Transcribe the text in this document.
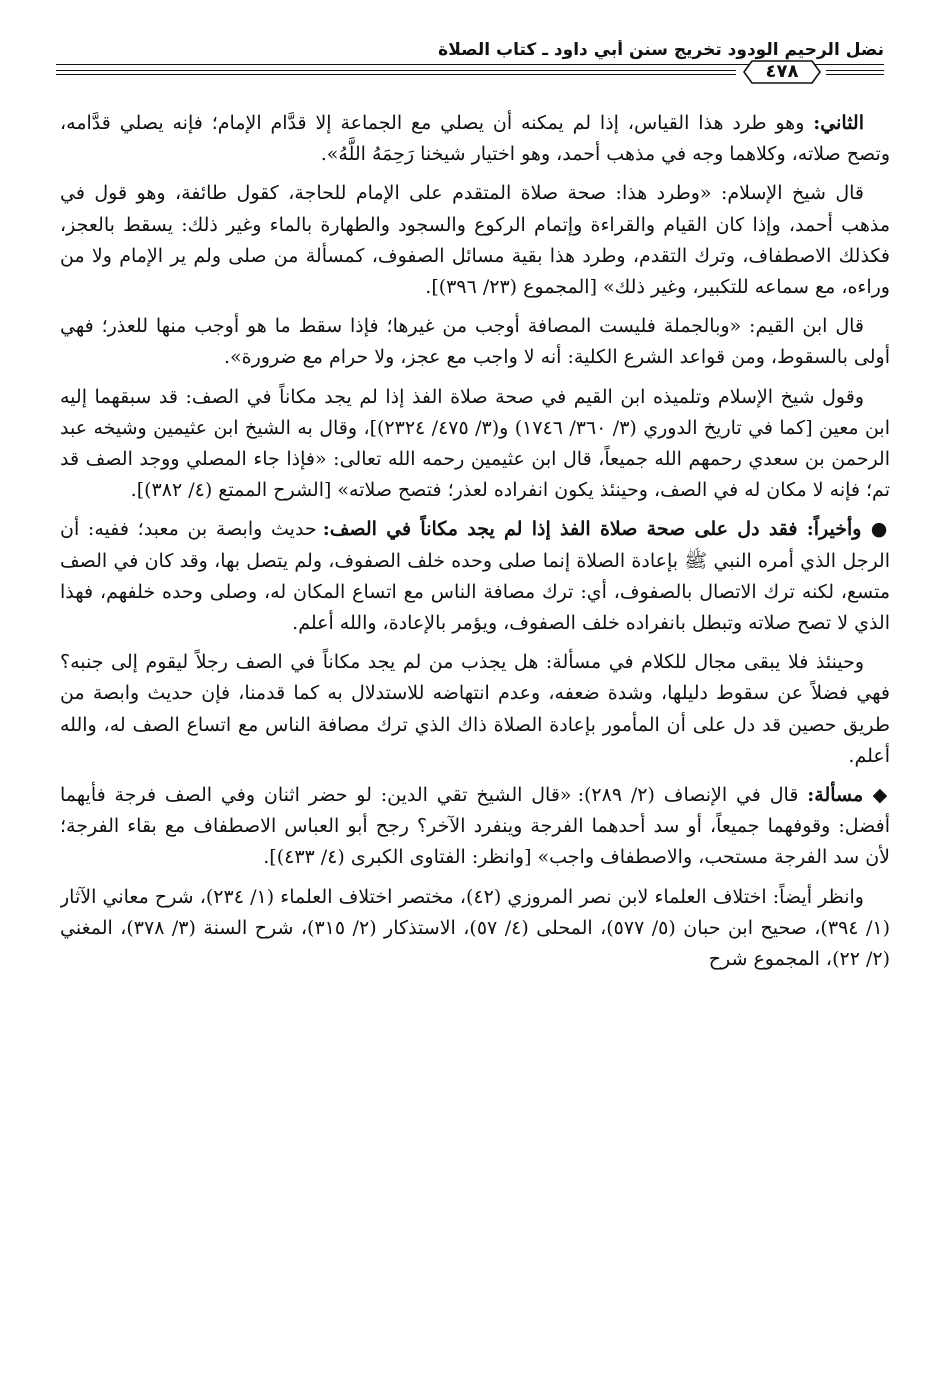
نضل الرحيم الودود تخريج سنن أبي داود ـ كتاب الصلاة
٤٧٨

الثاني: وهو طرد هذا القياس، إذا لم يمكنه أن يصلي مع الجماعة إلا قدَّام الإمام؛ فإنه يصلي قدَّامه، وتصح صلاته، وكلاهما وجه في مذهب أحمد، وهو اختيار شيخنا رَحِمَهُ اللَّهُ».

قال شيخ الإسلام: «وطرد هذا: صحة صلاة المتقدم على الإمام للحاجة، كقول طائفة، وهو قول في مذهب أحمد، وإذا كان القيام والقراءة وإتمام الركوع والسجود والطهارة بالماء وغير ذلك: يسقط بالعجز، فكذلك الاصطفاف، وترك التقدم، وطرد هذا بقية مسائل الصفوف، كمسألة من صلى ولم ير الإمام ولا من وراءه، مع سماعه للتكبير، وغير ذلك» [المجموع (٢٣/ ٣٩٦)].

قال ابن القيم: «وبالجملة فليست المصافة أوجب من غيرها؛ فإذا سقط ما هو أوجب منها للعذر؛ فهي أولى بالسقوط، ومن قواعد الشرع الكلية: أنه لا واجب مع عجز، ولا حرام مع ضرورة».

وقول شيخ الإسلام وتلميذه ابن القيم في صحة صلاة الفذ إذا لم يجد مكاناً في الصف: قد سبقهما إليه ابن معين [كما في تاريخ الدوري (٣/ ٣٦٠/ ١٧٤٦) و(٣/ ٤٧٥/ ٢٣٢٤)]، وقال به الشيخ ابن عثيمين وشيخه عبد الرحمن بن سعدي رحمهم الله جميعاً، قال ابن عثيمين رحمه الله تعالى: «فإذا جاء المصلي ووجد الصف قد تم؛ فإنه لا مكان له في الصف، وحينئذ يكون انفراده لعذر؛ فتصح صلاته» [الشرح الممتع (٤/ ٣٨٢)].

● وأخيراً: فقد دل على صحة صلاة الفذ إذا لم يجد مكاناً في الصف: حديث وابصة بن معبد؛ ففيه: أن الرجل الذي أمره النبي ﷺ بإعادة الصلاة إنما صلى وحده خلف الصفوف، ولم يتصل بها، وقد كان في الصف متسع، لكنه ترك الاتصال بالصفوف، أي: ترك مصافة الناس مع اتساع المكان له، وصلى وحده خلفهم، فهذا الذي لا تصح صلاته وتبطل بانفراده خلف الصفوف، ويؤمر بالإعادة، والله أعلم.

وحينئذ فلا يبقى مجال للكلام في مسألة: هل يجذب من لم يجد مكاناً في الصف رجلاً ليقوم إلى جنبه؟ فهي فضلاً عن سقوط دليلها، وشدة ضعفه، وعدم انتهاضه للاستدلال به كما قدمنا، فإن حديث وابصة من طريق حصين قد دل على أن المأمور بإعادة الصلاة ذاك الذي ترك مصافة الناس مع اتساع الصف له، والله أعلم.

◆ مسألة: قال في الإنصاف (٢/ ٢٨٩): «قال الشيخ تقي الدين: لو حضر اثنان وفي الصف فرجة فأيهما أفضل: وقوفهما جميعاً، أو سد أحدهما الفرجة وينفرد الآخر؟ رجح أبو العباس الاصطفاف مع بقاء الفرجة؛ لأن سد الفرجة مستحب، والاصطفاف واجب» [وانظر: الفتاوى الكبرى (٤/ ٤٣٣)].

وانظر أيضاً: اختلاف العلماء لابن نصر المروزي (٤٢)، مختصر اختلاف العلماء (١/ ٢٣٤)، شرح معاني الآثار (١/ ٣٩٤)، صحيح ابن حبان (٥/ ٥٧٧)، المحلى (٤/ ٥٧)، الاستذكار (٢/ ٣١٥)، شرح السنة (٣/ ٣٧٨)، المغني (٢/ ٢٢)، المجموع شرح
